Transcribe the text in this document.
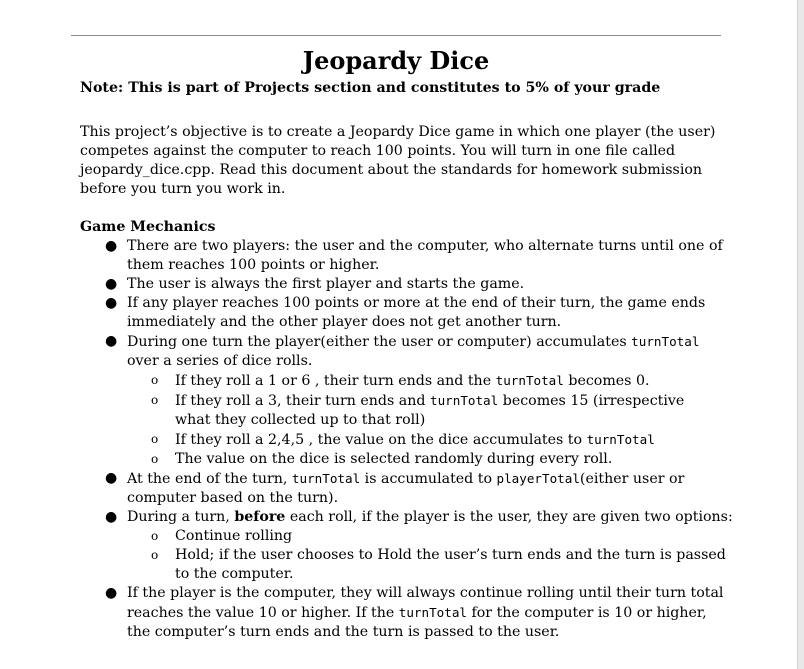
Jeopardy Dice
Note: This is part of Projects section and constitutes to 5% of your grade
This project’s objective is to create a Jeopardy Dice game in which one player (the user)
competes against the computer to reach 100 points. You will turn in one file called
jeopardy_dice.cpp. Read this document about the standards for homework submission
before you turn you work in.
Game Mechanics
● There are two players: the user and the computer, who alternate turns until one of
them reaches 100 points or higher.
● The user is always the first player and starts the game.
● If any player reaches 100 points or more at the end of their turn, the game ends
immediately and the other player does not get another turn.
● During one turn the player(either the user or computer) accumulates turnTotal
over a series of dice rolls.
o If they roll a 1 or 6 , their turn ends and the turnTotal becomes 0.
o If they roll a 3, their turn ends and turnTotal becomes 15 (irrespective
what they collected up to that roll)
o If they roll a 2,4,5 , the value on the dice accumulates to turnTotal
o The value on the dice is selected randomly during every roll.
● At the end of the turn, turnTotal is accumulated to playerTotal(either user or
computer based on the turn).
● During a turn, before each roll, if the player is the user, they are given two options:
o Continue rolling
o Hold; if the user chooses to Hold the user’s turn ends and the turn is passed
to the computer.
● If the player is the computer, they will always continue rolling until their turn total
reaches the value 10 or higher. If the turnTotal for the computer is 10 or higher,
the computer’s turn ends and the turn is passed to the user.
